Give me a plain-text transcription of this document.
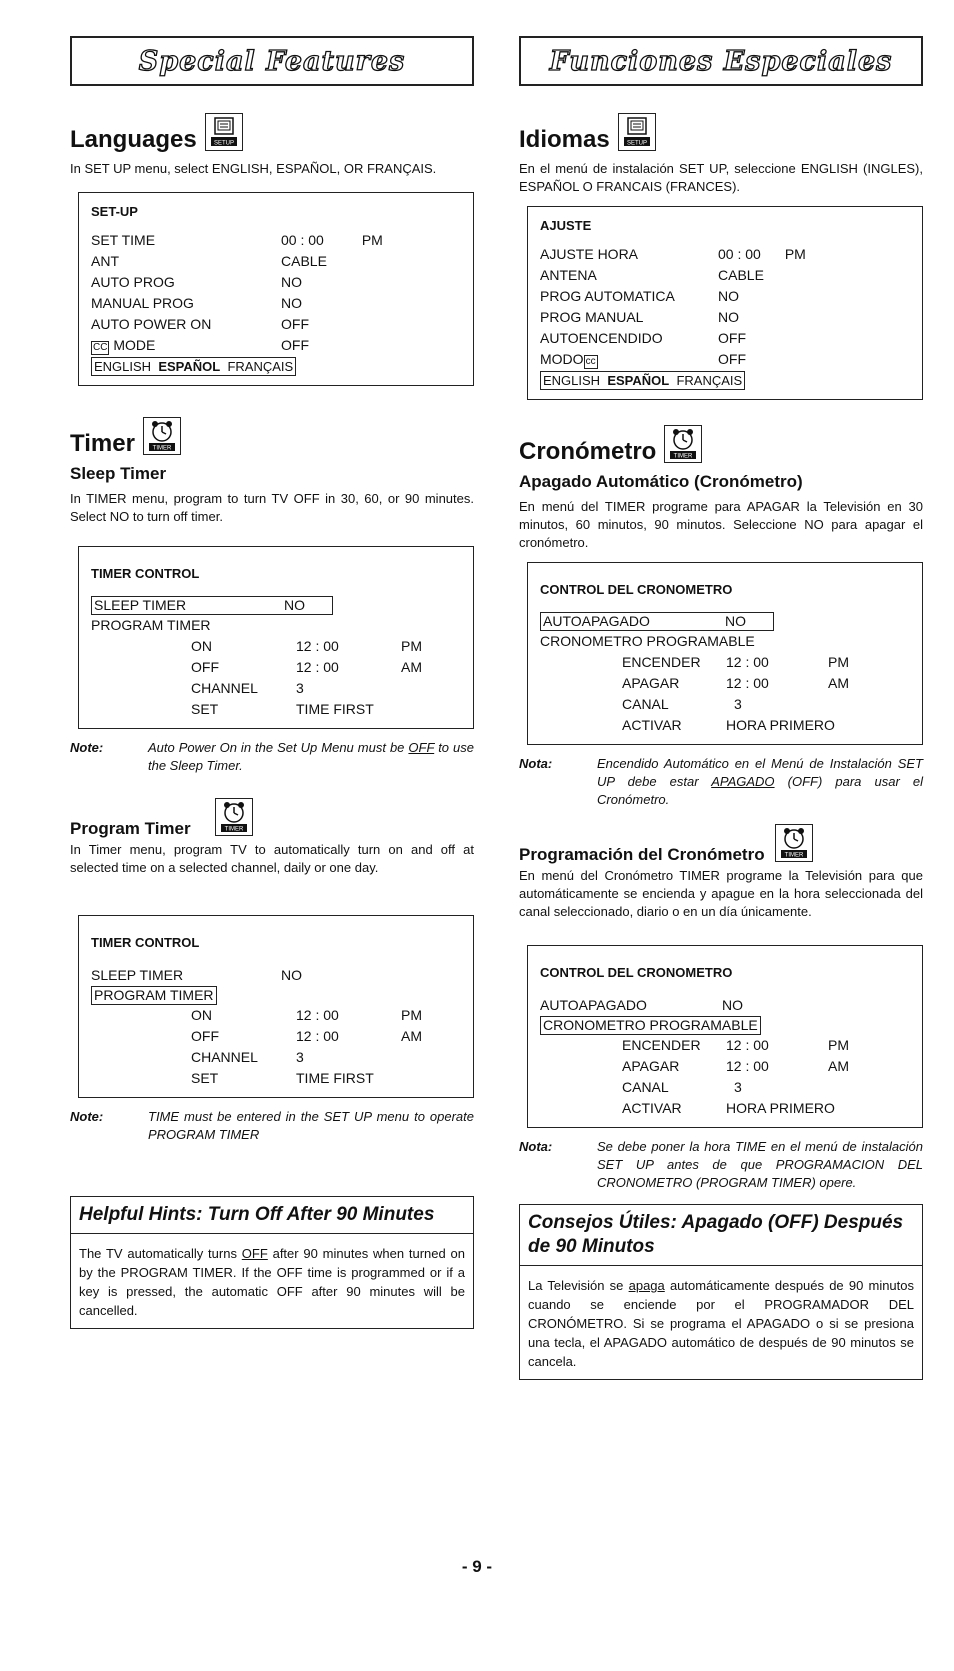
Special Features
Languages	SETUP
In SET UP menu, select ENGLISH, ESPAÑOL, OR FRANÇAIS.
SET-UP
SET TIME	00 : 00	PM
ANT	CABLE
AUTO PROG	NO
MANUAL PROG	NO
AUTO POWER ON	OFF
CC MODE	OFF
ENGLISH ESPAÑOL FRANÇAIS
Timer	TIMER
Sleep Timer
In TIMER menu, program to turn TV OFF in 30, 60, or 90 minutes. Select NO to turn off timer.
TIMER CONTROL
SLEEP TIMER	NO
PROGRAM TIMER
ON	12 : 00	PM
OFF	12 : 00	AM
CHANNEL	3
SET	TIME FIRST
Note:	Auto Power On in the Set Up Menu must be OFF to use the Sleep Timer.
Program Timer	TIMER
In Timer menu, program TV to automatically turn on and off at selected time on a selected channel, daily or one day.
TIMER CONTROL
SLEEP TIMER	NO
PROGRAM TIMER
ON	12 : 00	PM
OFF	12 : 00	AM
CHANNEL	3
SET	TIME FIRST
Note:	TIME must be entered in the SET UP menu to operate PROGRAM TIMER
Helpful Hints: Turn Off After 90 Minutes
The TV automatically turns OFF after 90 minutes when turned on by the PROGRAM TIMER. If the OFF time is programmed or if a key is pressed, the automatic OFF after 90 minutes will be cancelled.
Funciones Especiales
Idiomas	SETUP
En el menú de instalación SET UP, seleccione ENGLISH (INGLES), ESPAÑOL O FRANCAIS (FRANCES).
AJUSTE
AJUSTE HORA	00 : 00 PM
ANTENA	CABLE
PROG AUTOMATICA	NO
PROG MANUAL	NO
AUTOENCENDIDO	OFF
MODO cc	OFF
ENGLISH ESPAÑOL FRANÇAIS
Cronómetro	TIMER
Apagado Automático (Cronómetro)
En menú del TIMER programe para APAGAR la Televisión en 30 minutos, 60 minutos, 90 minutos. Seleccione NO para apagar el cronómetro.
CONTROL DEL CRONOMETRO
AUTOAPAGADO	NO
CRONOMETRO PROGRAMABLE
ENCENDER	12 : 00	PM
APAGAR	12 : 00	AM
CANAL	3
ACTIVAR	HORA PRIMERO
Nota:	Encendido Automático en el Menú de Instalación SET UP debe estar APAGADO (OFF) para usar el Cronómetro.
Programación del Cronómetro	TIMER
En menú del Cronómetro TIMER programe la Televisión para que automáticamente se encienda y apague en la hora seleccionada del canal seleccionado, diario o en un día únicamente.
CONTROL DEL CRONOMETRO
AUTOAPAGADO	NO
CRONOMETRO PROGRAMABLE
ENCENDER	12 : 00	PM
APAGAR	12 : 00	AM
CANAL	3
ACTIVAR	HORA PRIMERO
Nota:	Se debe poner la hora TIME en el menú de instalación SET UP antes de que PROGRAMACION DEL CRONOMETRO (PROGRAM TIMER) opere.
Consejos Útiles: Apagado (OFF) Después de 90 Minutos
La Televisión se apaga automáticamente después de 90 minutos cuando se enciende por el PROGRAMADOR DEL CRONÓMETRO. Si se programa el APAGADO o si se presiona una tecla, el APAGADO automático de después de 90 minutos se cancela.
- 9 -
